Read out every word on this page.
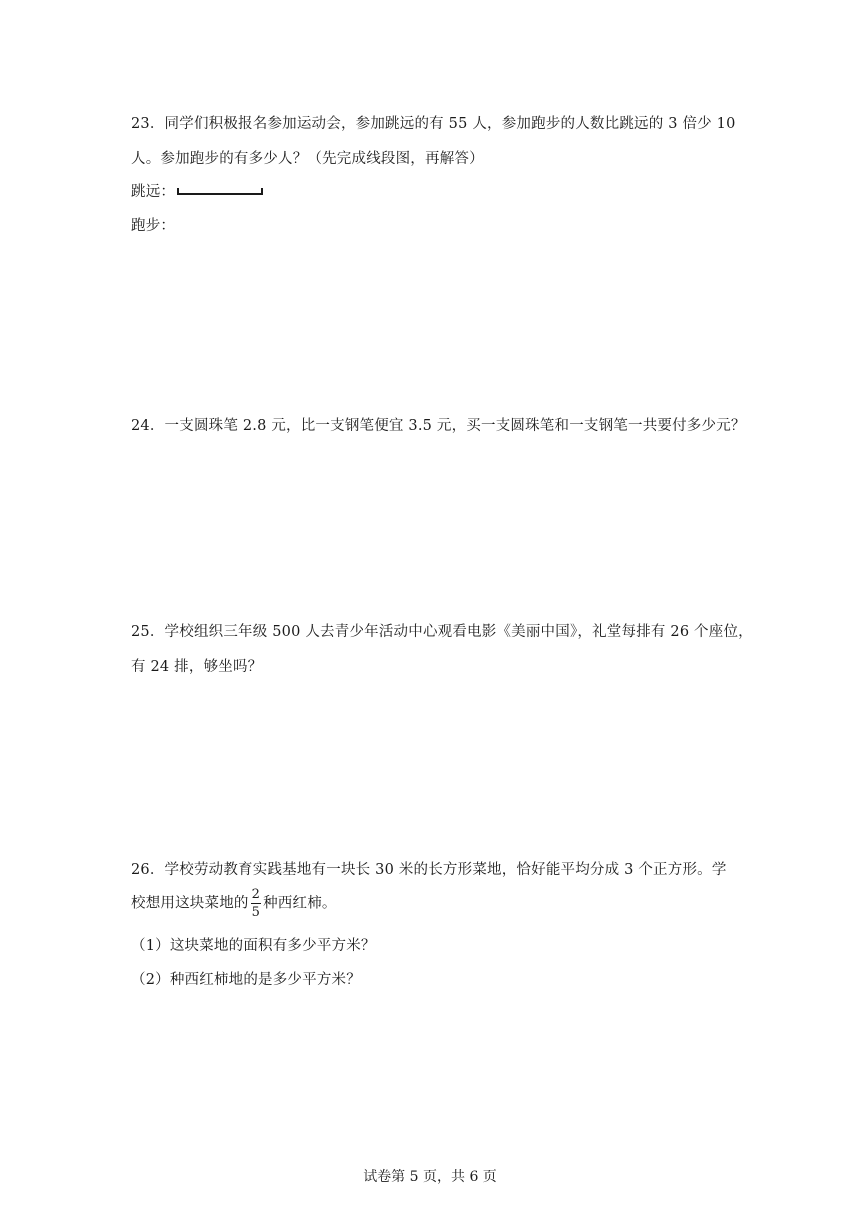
23．同学们积极报名参加运动会，参加跳远的有 55 人，参加跑步的人数比跳远的 3 倍少 10
人。参加跑步的有多少人？（先完成线段图，再解答）
跳远：
跑步：
24．一支圆珠笔 2.8 元，比一支钢笔便宜 3.5 元，买一支圆珠笔和一支钢笔一共要付多少元？
25．学校组织三年级 500 人去青少年活动中心观看电影《美丽中国》，礼堂每排有 26 个座位，
有 24 排，够坐吗？
26．学校劳动教育实践基地有一块长 30 米的长方形菜地，恰好能平均分成 3 个正方形。学
校想用这块菜地的 $\frac{2}{5}$ 种西红柿。
（1）这块菜地的面积有多少平方米？
（2）种西红柿地的是多少平方米？
试卷第 5 页，共 6 页
